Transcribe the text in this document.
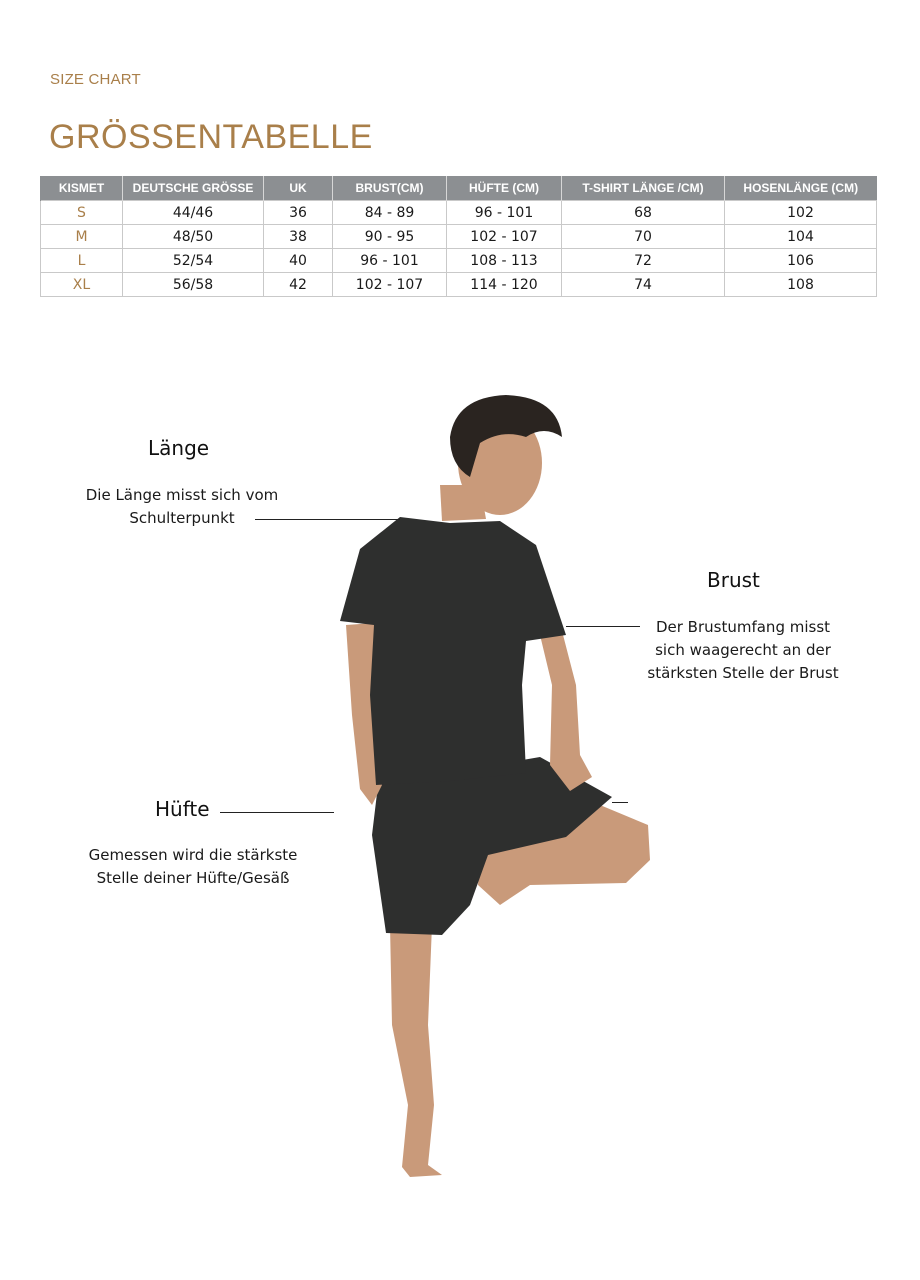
SIZE CHART
GRÖSSENTABELLE
KISMET	DEUTSCHE GRÖSSE	UK	BRUST(CM)	HÜFTE (CM)	T-SHIRT LÄNGE /CM)	HOSENLÄNGE (CM)
S	44/46	36	84 - 89	96 - 101	68	102
M	48/50	38	90 - 95	102 - 107	70	104
L	52/54	40	96 - 101	108 - 113	72	106
XL	56/58	42	102 - 107	114 - 120	74	108
Länge
Die Länge misst sich vom
Schulterpunkt
Brust
Der Brustumfang misst
sich waagerecht an der
stärksten Stelle der Brust
Hüfte
Gemessen wird die stärkste
Stelle deiner Hüfte/Gesäß
